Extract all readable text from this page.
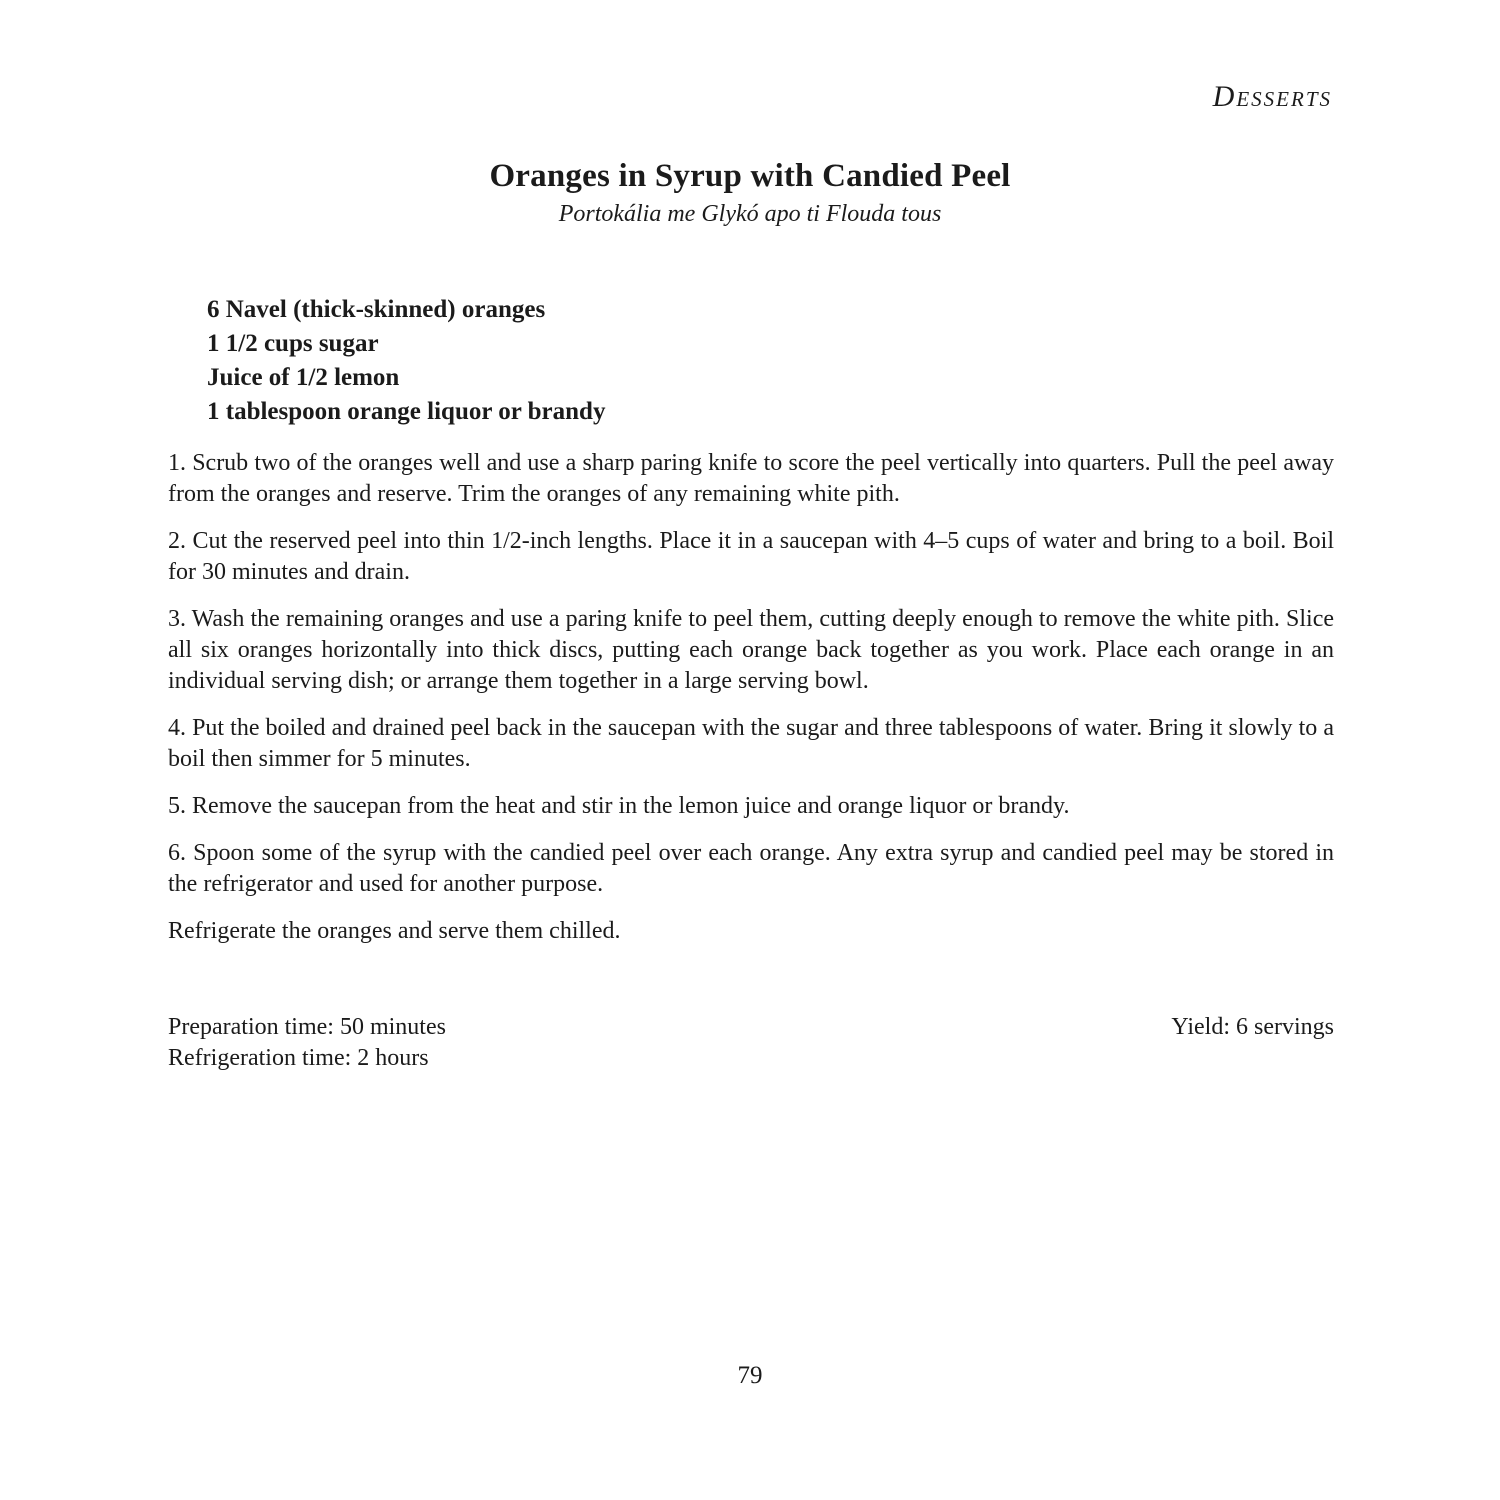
Desserts
Oranges in Syrup with Candied Peel
Portokália me Glykó apo ti Flouda tous
6 Navel (thick-skinned) oranges
1 1/2 cups sugar
Juice of 1/2 lemon
1 tablespoon orange liquor or brandy

1. Scrub two of the oranges well and use a sharp paring knife to score the peel vertically into quarters. Pull the peel away from the oranges and reserve. Trim the oranges of any remaining white pith.

2. Cut the reserved peel into thin 1/2-inch lengths. Place it in a saucepan with 4–5 cups of water and bring to a boil. Boil for 30 minutes and drain.

3. Wash the remaining oranges and use a paring knife to peel them, cutting deeply enough to remove the white pith. Slice all six oranges horizontally into thick discs, putting each orange back together as you work. Place each orange in an individual serving dish; or arrange them together in a large serving bowl.

4. Put the boiled and drained peel back in the saucepan with the sugar and three tablespoons of water. Bring it slowly to a boil then simmer for 5 minutes.

5. Remove the saucepan from the heat and stir in the lemon juice and orange liquor or brandy.

6. Spoon some of the syrup with the candied peel over each orange. Any extra syrup and candied peel may be stored in the refrigerator and used for another purpose.

Refrigerate the oranges and serve them chilled.

Preparation time: 50 minutes
Refrigeration time: 2 hours
Yield: 6 servings
79
